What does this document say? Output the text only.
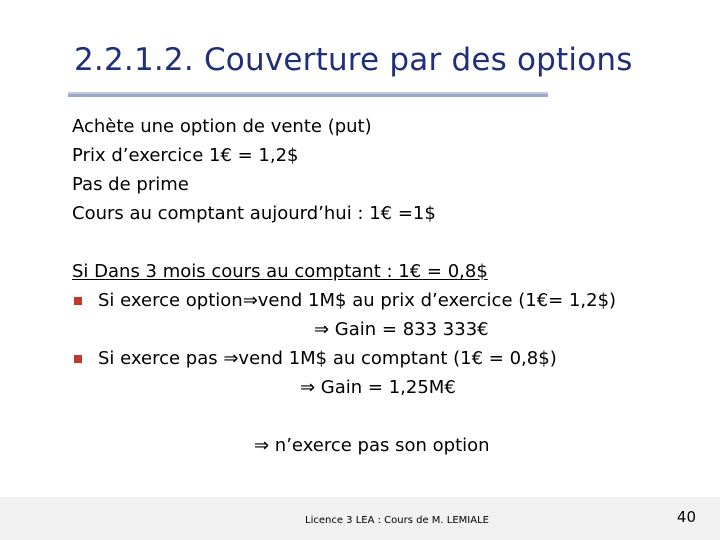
2.2.1.2. Couverture par des options
Achète une option de vente (put)
Prix d’exercice 1€ = 1,2$
Pas de prime
Cours au comptant aujourd’hui : 1€ =1$
Si Dans 3 mois cours au comptant : 1€ = 0,8$
Si exerce option⇒vend 1M$ au prix d’exercice (1€= 1,2$)
⇒ Gain = 833 333€
Si exerce pas ⇒vend 1M$ au comptant (1€ = 0,8$)
⇒ Gain = 1,25M€
⇒ n’exerce pas son option
Licence 3 LEA : Cours de M. LEMIALE	40
